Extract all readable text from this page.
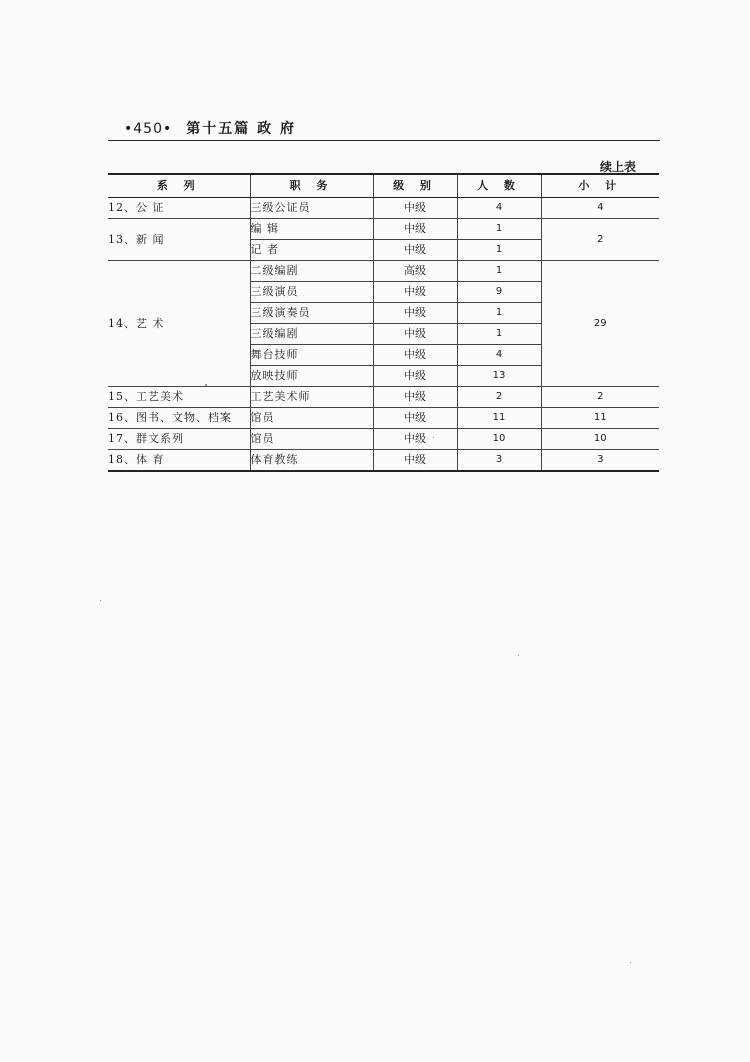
•450• 第十五篇 政 府
续上表
系 列	职 务	级 别	人 数	小 计
12、公 证	三级公证员	中级	4	4
13、新 闻	编 辑	中级	1	2
	记 者	中级	1	
14、艺 术	二级编剧	高级	1	29
	三级演员	中级	9	
	三级演奏员	中级	1	
	三级编剧	中级	1	
	舞台技师	中级	4	
	放映技师	中级	13	
15、工艺美术	工艺美术师	中级	2	2
16、图书、文物、档案	馆员	中级	11	11
17、群文系列	馆员	中级	10	10
18、体 育	体育教练	中级	3	3
